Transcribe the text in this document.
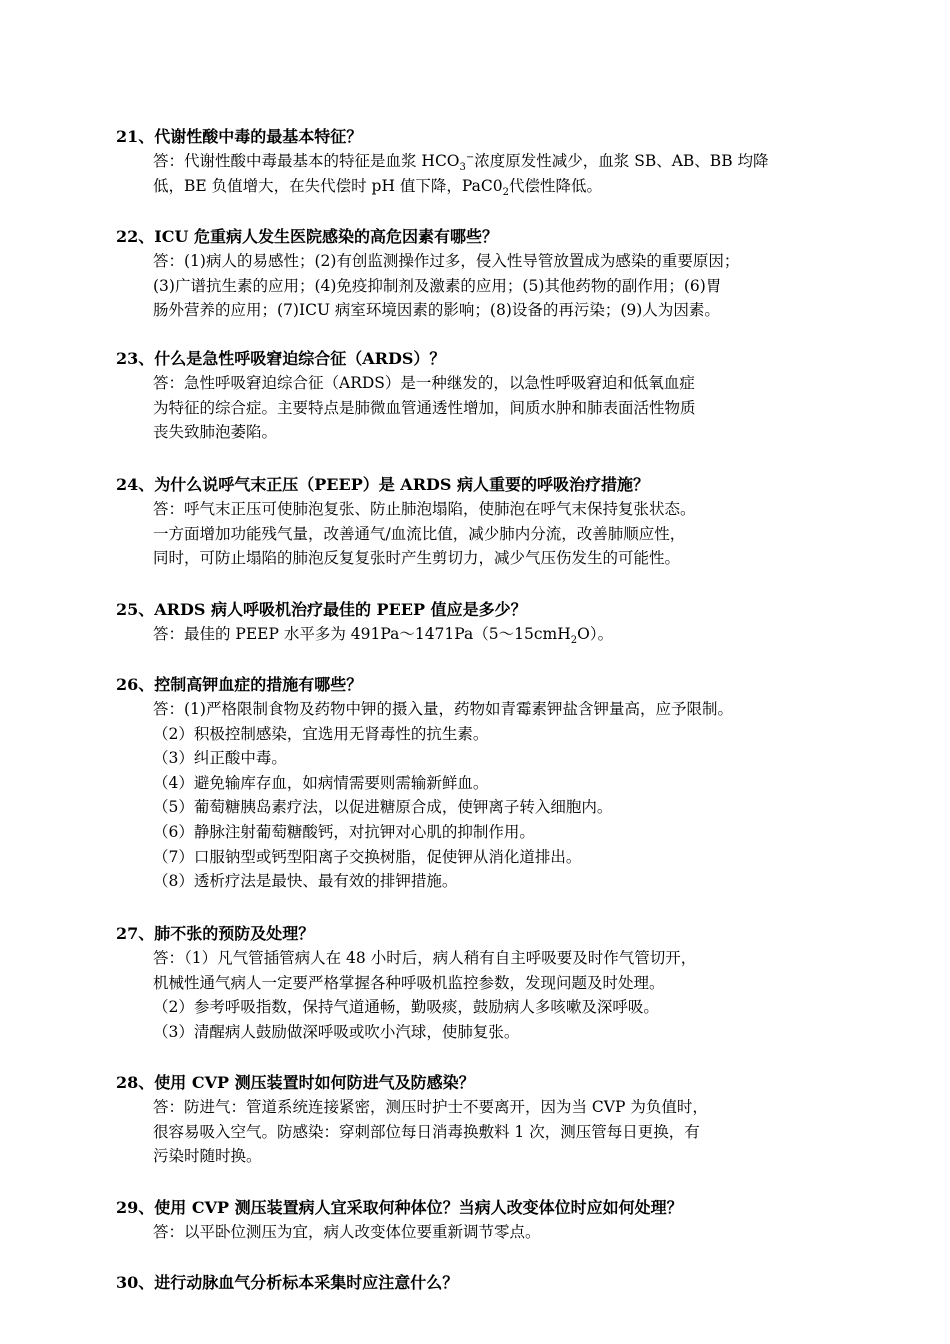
21、代谢性酸中毒的最基本特征？

答：代谢性酸中毒最基本的特征是血浆 $HCO_3^-$浓度原发性减少，血浆 SB、AB、BB 均降
低，BE 负值增大，在失代偿时 pH 值下降，$PaC0_2$代偿性降低。

22、ICU 危重病人发生医院感染的高危因素有哪些？

答：(1)病人的易感性；(2)有创监测操作过多，侵入性导管放置成为感染的重要原因；
(3)广谱抗生素的应用；(4)免疫抑制剂及激素的应用；(5)其他药物的副作用；(6)胃
肠外营养的应用；(7)ICU 病室环境因素的影响；(8)设备的再污染；(9)人为因素。

23、什么是急性呼吸窘迫综合征（ARDS）？

答：急性呼吸窘迫综合征（ARDS）是一种继发的，以急性呼吸窘迫和低氧血症
为特征的综合症。主要特点是肺微血管通透性增加，间质水肿和肺表面活性物质
丧失致肺泡萎陷。

24、为什么说呼气末正压（PEEP）是 ARDS 病人重要的呼吸治疗措施？

答：呼气末正压可使肺泡复张、防止肺泡塌陷，使肺泡在呼气末保持复张状态。
一方面增加功能残气量，改善通气/血流比值，减少肺内分流，改善肺顺应性，
同时，可防止塌陷的肺泡反复复张时产生剪切力，减少气压伤发生的可能性。

25、ARDS 病人呼吸机治疗最佳的 PEEP 值应是多少？

答：最佳的 PEEP 水平多为 491Pa～1471Pa（5～15cmH$_2$O）。

26、控制高钾血症的措施有哪些？

答：(1)严格限制食物及药物中钾的摄入量，药物如青霉素钾盐含钾量高，应予限制。
（2）积极控制感染，宜选用无肾毒性的抗生素。
（3）纠正酸中毒。
（4）避免输库存血，如病情需要则需输新鲜血。
（5）葡萄糖胰岛素疗法，以促进糖原合成，使钾离子转入细胞内。
（6）静脉注射葡萄糖酸钙，对抗钾对心肌的抑制作用。
（7）口服钠型或钙型阳离子交换树脂，促使钾从消化道排出。
（8）透析疗法是最快、最有效的排钾措施。

27、肺不张的预防及处理？

答：（1）凡气管插管病人在 48 小时后，病人稍有自主呼吸要及时作气管切开，
机械性通气病人一定要严格掌握各种呼吸机监控参数，发现问题及时处理。
（2）参考呼吸指数，保持气道通畅，勤吸痰，鼓励病人多咳嗽及深呼吸。
（3）清醒病人鼓励做深呼吸或吹小汽球，使肺复张。

28、使用 CVP 测压装置时如何防进气及防感染？

答：防进气：管道系统连接紧密，测压时护士不要离开，因为当 CVP 为负值时，
很容易吸入空气。防感染：穿刺部位每日消毒换敷料 1 次，测压管每日更换，有
污染时随时换。

29、使用 CVP 测压装置病人宜采取何种体位？当病人改变体位时应如何处理？

答：以平卧位测压为宜，病人改变体位要重新调节零点。

30、进行动脉血气分析标本采集时应注意什么？
